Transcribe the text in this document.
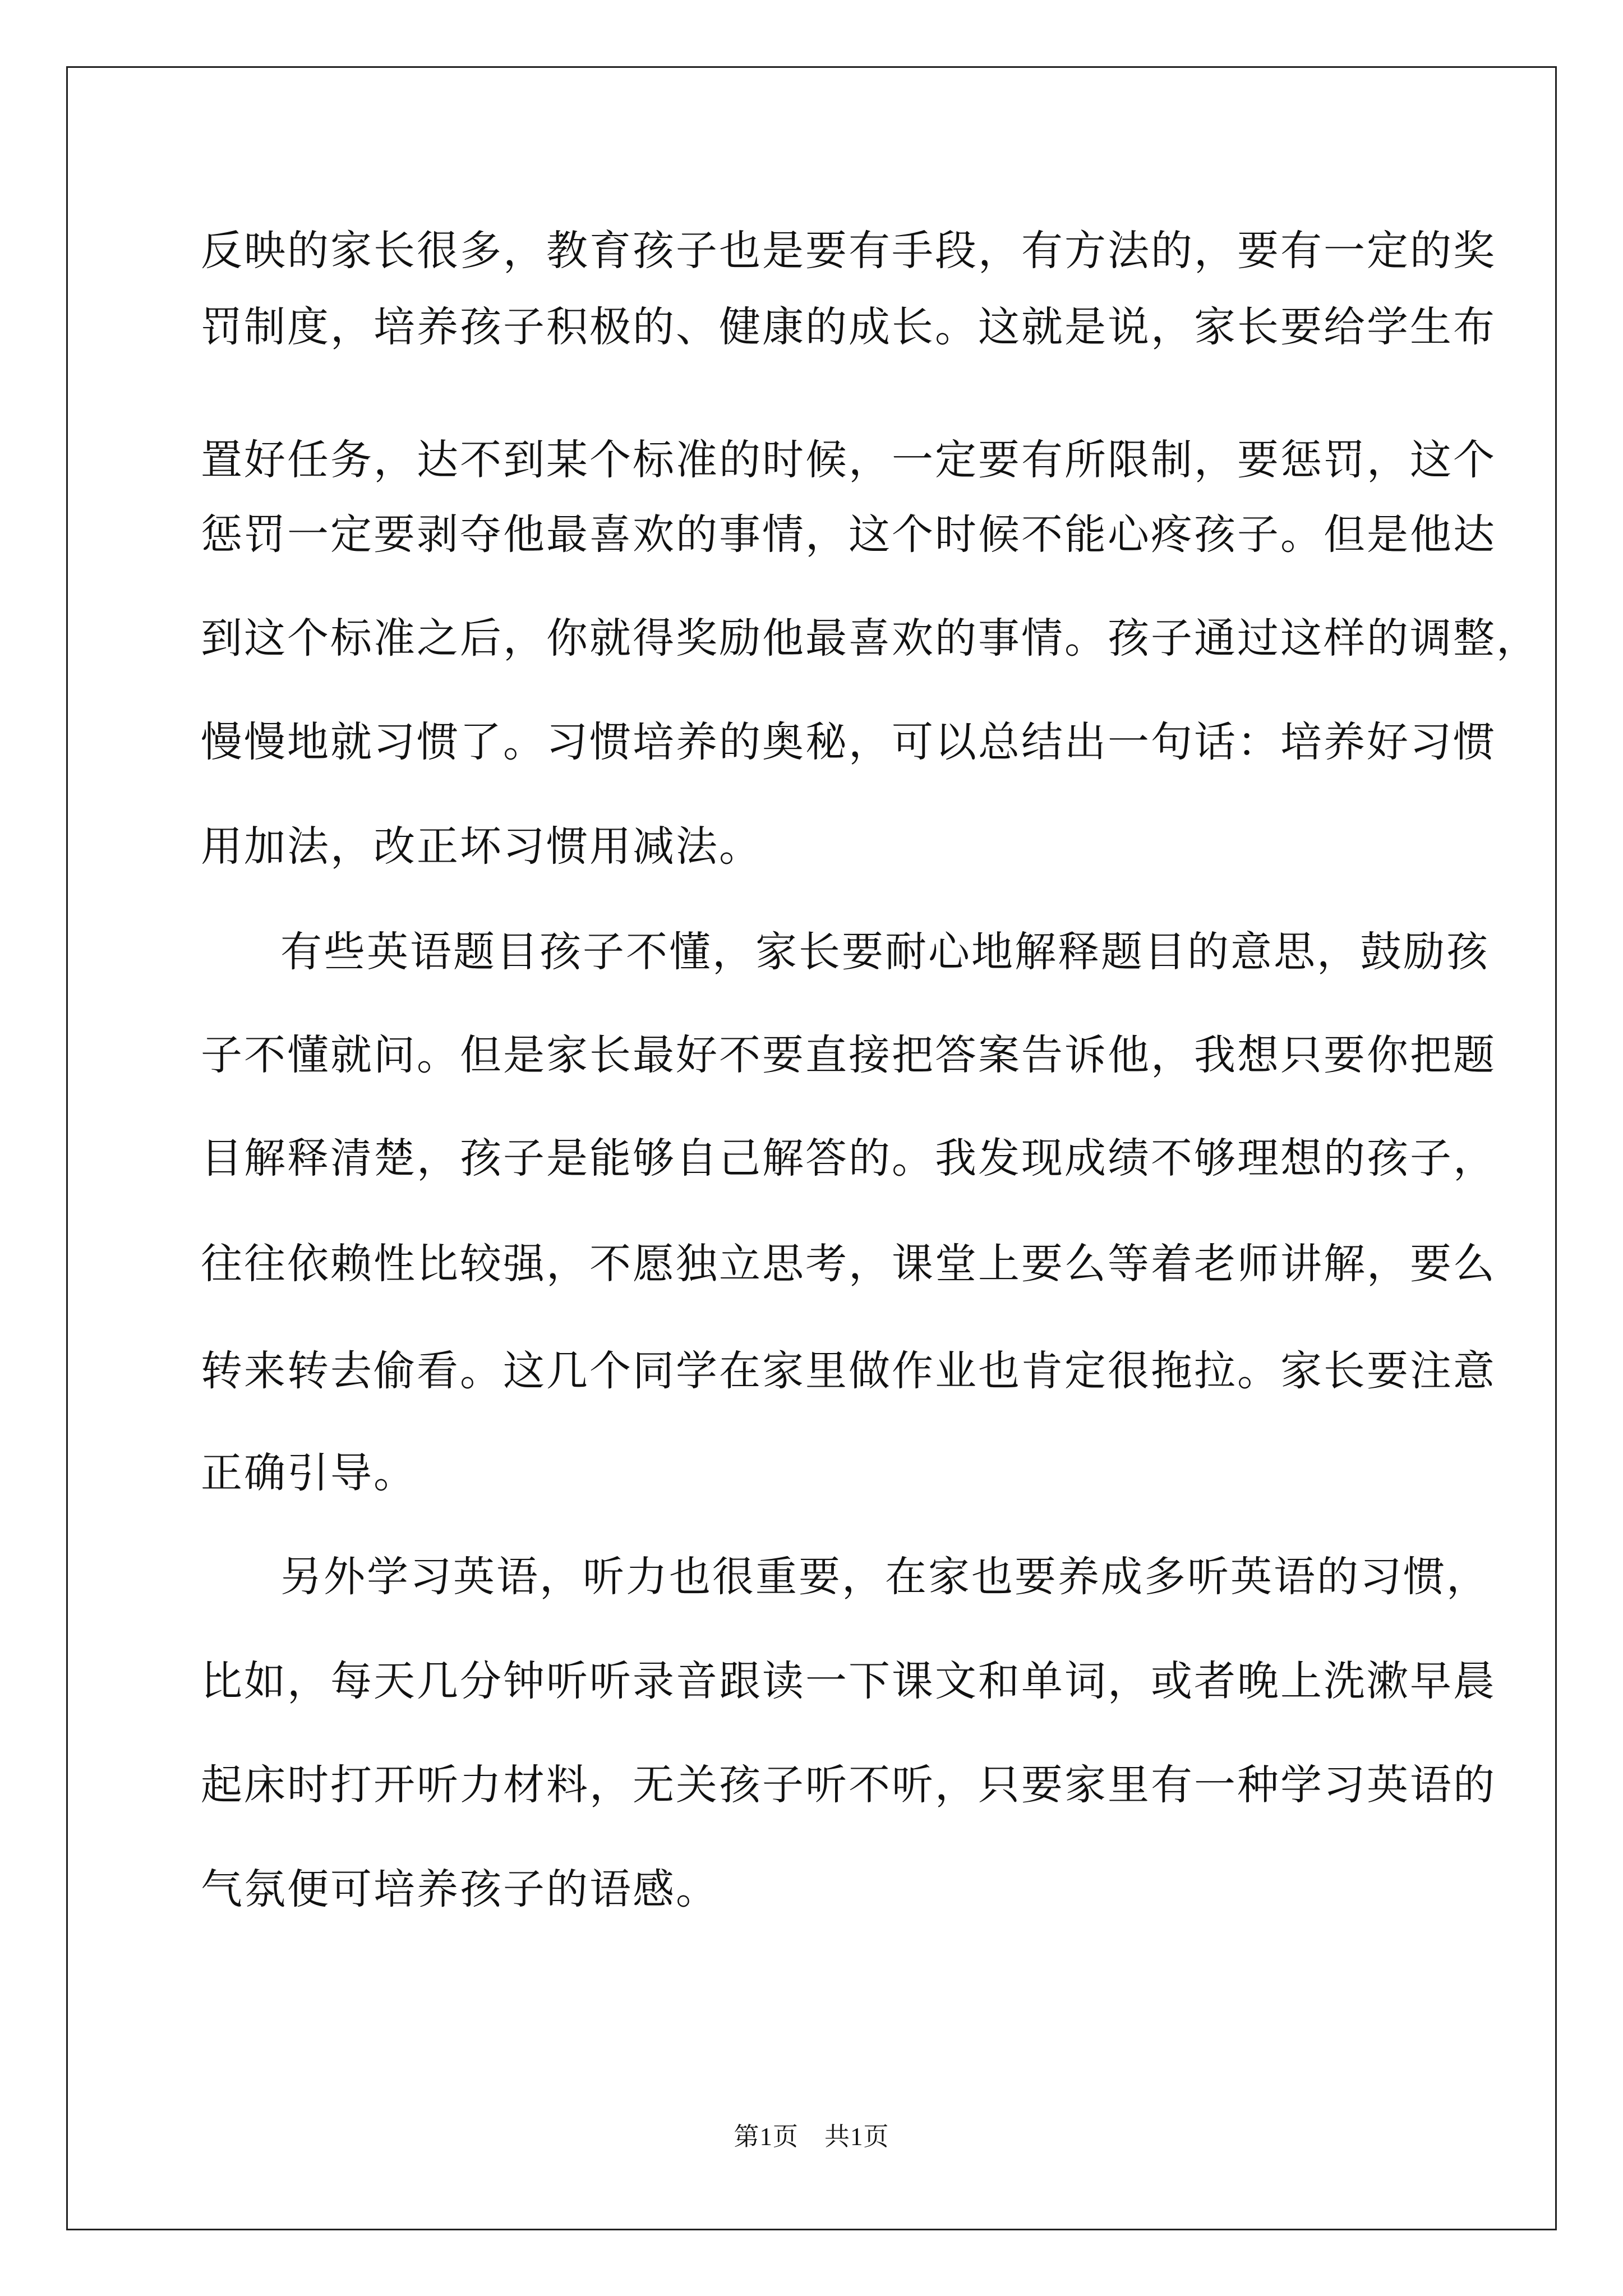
反映的家长很多，教育孩子也是要有手段，有方法的，要有一定的奖
罚制度，培养孩子积极的、健康的成长。这就是说，家长要给学生布
置好任务，达不到某个标准的时候，一定要有所限制，要惩罚，这个
惩罚一定要剥夺他最喜欢的事情，这个时候不能心疼孩子。但是他达
到这个标准之后，你就得奖励他最喜欢的事情。孩子通过这样的调整，
慢慢地就习惯了。习惯培养的奥秘，可以总结出一句话：培养好习惯
用加法，改正坏习惯用减法。
有些英语题目孩子不懂，家长要耐心地解释题目的意思，鼓励孩
子不懂就问。但是家长最好不要直接把答案告诉他，我想只要你把题
目解释清楚，孩子是能够自己解答的。我发现成绩不够理想的孩子，
往往依赖性比较强，不愿独立思考，课堂上要么等着老师讲解，要么
转来转去偷看。这几个同学在家里做作业也肯定很拖拉。家长要注意
正确引导。
另外学习英语，听力也很重要，在家也要养成多听英语的习惯，
比如，每天几分钟听听录音跟读一下课文和单词，或者晚上洗漱早晨
起床时打开听力材料，无关孩子听不听，只要家里有一种学习英语的
气氛便可培养孩子的语感。
第1页　共1页
